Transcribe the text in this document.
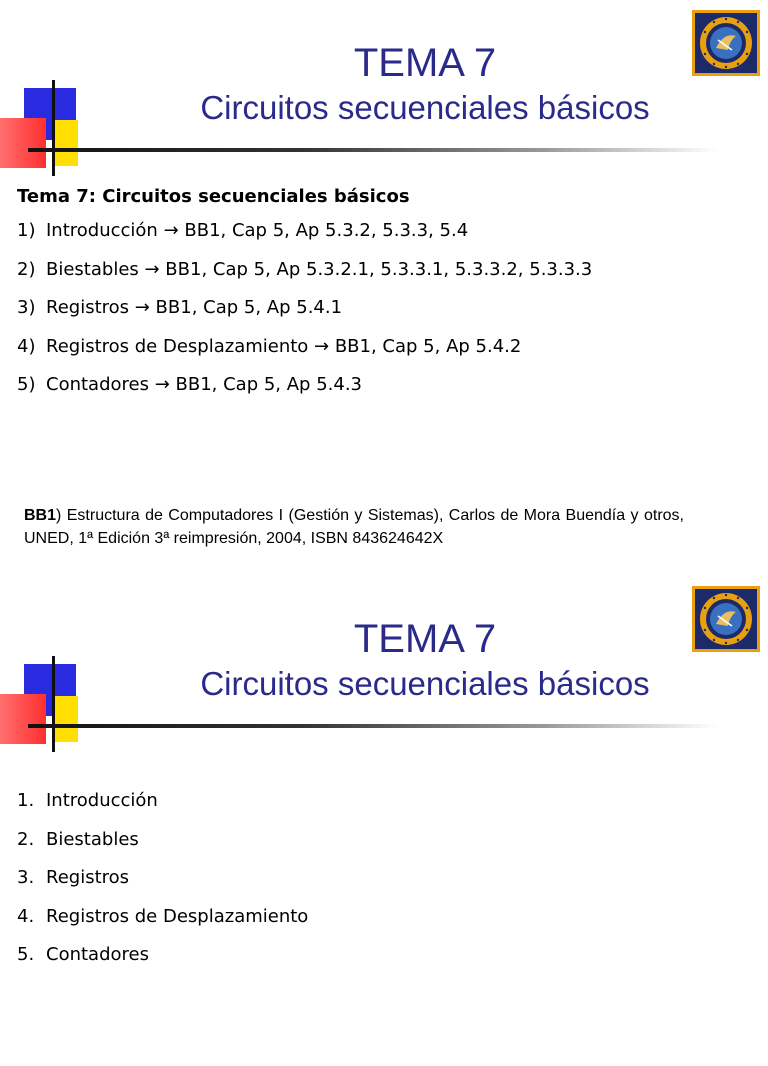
TEMA 7
Circuitos secuenciales básicos
Tema 7: Circuitos secuenciales básicos
1) Introducción → BB1, Cap 5, Ap 5.3.2, 5.3.3, 5.4
2) Biestables → BB1, Cap 5, Ap 5.3.2.1, 5.3.3.1, 5.3.3.2, 5.3.3.3
3) Registros → BB1, Cap 5, Ap 5.4.1
4) Registros de Desplazamiento → BB1, Cap 5, Ap 5.4.2
5) Contadores → BB1, Cap 5, Ap 5.4.3
BB1) Estructura de Computadores I (Gestión y Sistemas), Carlos de Mora Buendía y otros, UNED, 1ª Edición 3ª reimpresión, 2004, ISBN 843624642X
TEMA 7
Circuitos secuenciales básicos
1. Introducción
2. Biestables
3. Registros
4. Registros de Desplazamiento
5. Contadores
